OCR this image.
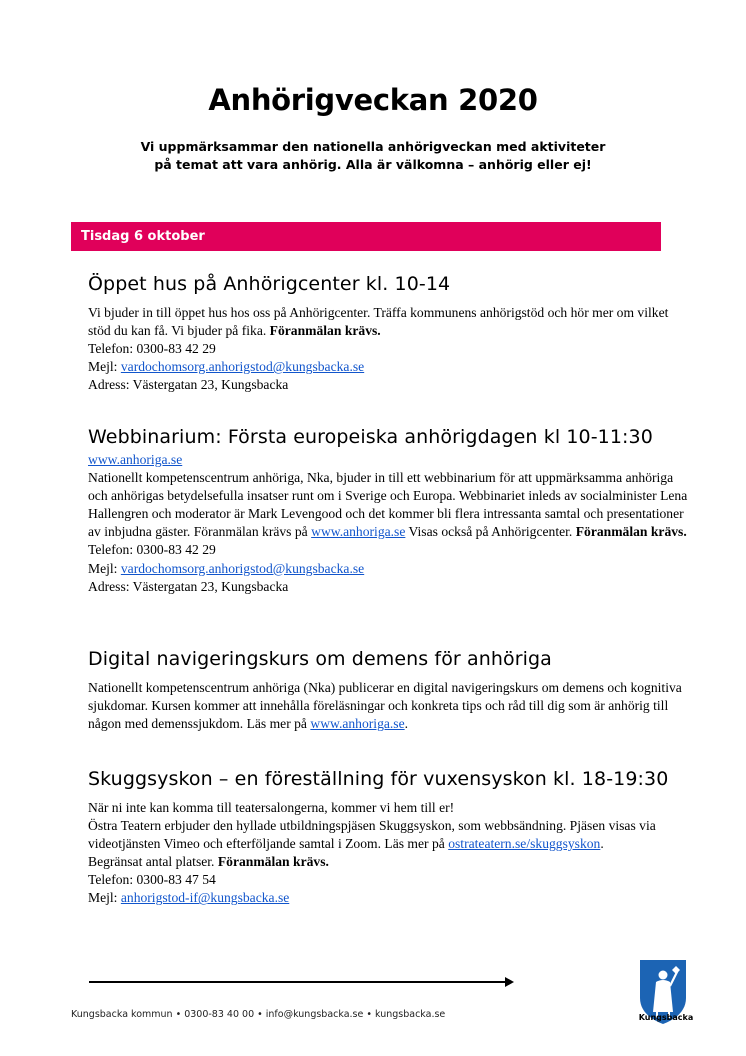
Anhörigveckan 2020
Vi uppmärksammar den nationella anhörigveckan med aktiviteter
på temat att vara anhörig. Alla är välkomna – anhörig eller ej!
Tisdag 6 oktober
Öppet hus på Anhörigcenter kl. 10-14

Vi bjuder in till öppet hus hos oss på Anhörigcenter. Träffa kommunens anhörigstöd och hör mer om vilket stöd du kan få. Vi bjuder på fika. Föranmälan krävs.

Telefon: 0300-83 42 29

Mejl: vardochomsorg.anhorigstod@kungsbacka.se

Adress: Västergatan 23, Kungsbacka

Webbinarium: Första europeiska anhörigdagen kl 10-11:30

www.anhoriga.se

Nationellt kompetenscentrum anhöriga, Nka, bjuder in till ett webbinarium för att uppmärksamma anhöriga och anhörigas betydelsefulla insatser runt om i Sverige och Europa. Webbinariet inleds av socialminister Lena Hallengren och moderator är Mark Levengood och det kommer bli flera intressanta samtal och presentationer av inbjudna gäster. Föranmälan krävs på www.anhoriga.se Visas också på Anhörigcenter. Föranmälan krävs.

Telefon: 0300-83 42 29

Mejl: vardochomsorg.anhorigstod@kungsbacka.se

Adress: Västergatan 23, Kungsbacka

Digital navigeringskurs om demens för anhöriga

Nationellt kompetenscentrum anhöriga (Nka) publicerar en digital navigeringskurs om demens och kognitiva sjukdomar. Kursen kommer att innehålla föreläsningar och konkreta tips och råd till dig som är anhörig till någon med demenssjukdom. Läs mer på www.anhoriga.se.

Skuggsyskon – en föreställning för vuxensyskon kl. 18-19:30

När ni inte kan komma till teatersalongerna, kommer vi hem till er!

Östra Teatern erbjuder den hyllade utbildningspjäsen Skuggsyskon, som webbsändning. Pjäsen visas via videotjänsten Vimeo och efterföljande samtal i Zoom. Läs mer på ostrateatern.se/skuggsyskon.

Begränsat antal platser. Föranmälan krävs.

Telefon: 0300-83 47 54

Mejl: anhorigstod-if@kungsbacka.se

Kungsbacka kommun • 0300-83 40 00 • info@kungsbacka.se • kungsbacka.se	Kungsbacka
